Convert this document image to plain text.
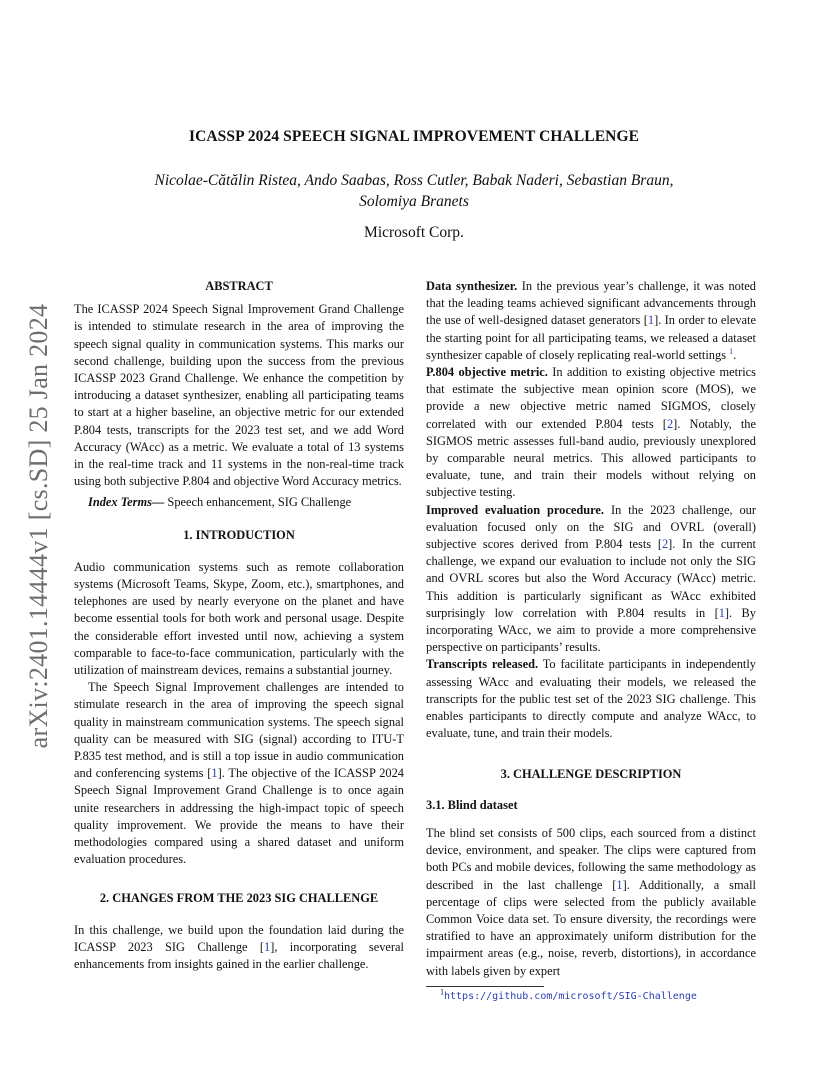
arXiv:2401.14444v1 [cs.SD] 25 Jan 2024
ICASSP 2024 SPEECH SIGNAL IMPROVEMENT CHALLENGE
Nicolae-Cătălin Ristea, Ando Saabas, Ross Cutler, Babak Naderi, Sebastian Braun,
Solomiya Branets
Microsoft Corp.

ABSTRACT

The ICASSP 2024 Speech Signal Improvement Grand Challenge is intended to stimulate research in the area of improving the speech signal quality in communication systems. This marks our second challenge, building upon the success from the previous ICASSP 2023 Grand Challenge. We enhance the competition by introducing a dataset synthesizer, enabling all participating teams to start at a higher baseline, an objective metric for our extended P.804 tests, transcripts for the 2023 test set, and we add Word Accuracy (WAcc) as a metric. We evaluate a total of 13 systems in the real-time track and 11 systems in the non-real-time track using both subjective P.804 and objective Word Accuracy metrics.

Index Terms— Speech enhancement, SIG Challenge

1. INTRODUCTION

Audio communication systems such as remote collaboration systems (Microsoft Teams, Skype, Zoom, etc.), smartphones, and telephones are used by nearly everyone on the planet and have become essential tools for both work and personal usage. Despite the considerable effort invested until now, achieving a system comparable to face-to-face communication, particularly with the utilization of mainstream devices, remains a substantial journey.

The Speech Signal Improvement challenges are intended to stimulate research in the area of improving the speech signal quality in mainstream communication systems. The speech signal quality can be measured with SIG (signal) according to ITU-T P.835 test method, and is still a top issue in audio communication and conferencing systems [1]. The objective of the ICASSP 2024 Speech Signal Improvement Grand Challenge is to once again unite researchers in addressing the high-impact topic of speech quality improvement. We provide the means to have their methodologies compared using a shared dataset and uniform evaluation procedures.

2. CHANGES FROM THE 2023 SIG CHALLENGE

In this challenge, we build upon the foundation laid during the ICASSP 2023 SIG Challenge [1], incorporating several enhancements from insights gained in the earlier challenge.

Data synthesizer. In the previous year’s challenge, it was noted that the leading teams achieved significant advancements through the use of well-designed dataset generators [1]. In order to elevate the starting point for all participating teams, we released a dataset synthesizer capable of closely replicating real-world settings $^1$.

P.804 objective metric. In addition to existing objective metrics that estimate the subjective mean opinion score (MOS), we provide a new objective metric named SIGMOS, closely correlated with our extended P.804 tests [2]. Notably, the SIGMOS metric assesses full-band audio, previously unexplored by comparable neural metrics. This allowed participants to evaluate, tune, and train their models without relying on subjective testing.

Improved evaluation procedure. In the 2023 challenge, our evaluation focused only on the SIG and OVRL (overall) subjective scores derived from P.804 tests [2]. In the current challenge, we expand our evaluation to include not only the SIG and OVRL scores but also the Word Accuracy (WAcc) metric. This addition is particularly significant as WAcc exhibited surprisingly low correlation with P.804 results in [1]. By incorporating WAcc, we aim to provide a more comprehensive perspective on participants’ results.

Transcripts released. To facilitate participants in independently assessing WAcc and evaluating their models, we released the transcripts for the public test set of the 2023 SIG challenge. This enables participants to directly compute and analyze WAcc, to evaluate, tune, and train their models.

3. CHALLENGE DESCRIPTION

3.1. Blind dataset

The blind set consists of 500 clips, each sourced from a distinct device, environment, and speaker. The clips were captured from both PCs and mobile devices, following the same methodology as described in the last challenge [1]. Additionally, a small percentage of clips were selected from the publicly available Common Voice data set. To ensure diversity, the recordings were stratified to have an approximately uniform distribution for the impairment areas (e.g., noise, reverb, distortions), in accordance with labels given by expert

$^1$https://github.com/microsoft/SIG-Challenge
